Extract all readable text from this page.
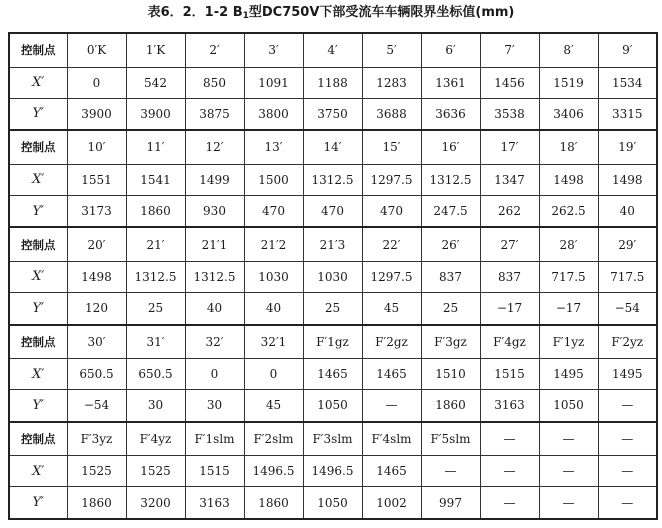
表6．2．1-2 $B_1$型DC750V下部受流车车辆限界坐标值(mm)
控制点	0′K	1′K	2′	3′	4′	5′	6′	7′	8′	9′
X′	0	542	850	1091	1188	1283	1361	1456	1519	1534
Y′	3900	3900	3875	3800	3750	3688	3636	3538	3406	3315
控制点	10′	11′	12′	13′	14′	15′	16′	17′	18′	19′
X′	1551	1541	1499	1500	1312.5	1297.5	1312.5	1347	1498	1498
Y′	3173	1860	930	470	470	470	247.5	262	262.5	40
控制点	20′	21′	21′1	21′2	21′3	22′	26′	27′	28′	29′
X′	1498	1312.5	1312.5	1030	1030	1297.5	837	837	717.5	717.5
Y′	120	25	40	40	25	45	25	−17	−17	−54
控制点	30′	31′	32′	32′1	F′1gz	F′2gz	F′3gz	F′4gz	F′1yz	F′2yz
X′	650.5	650.5	0	0	1465	1465	1510	1515	1495	1495
Y′	−54	30	30	45	1050	—	1860	3163	1050	—
控制点	F′3yz	F′4yz	F′1slm	F′2slm	F′3slm	F′4slm	F′5slm	—	—	—
X′	1525	1525	1515	1496.5	1496.5	1465	—	—	—	—
Y′	1860	3200	3163	1860	1050	1002	997	—	—	—
